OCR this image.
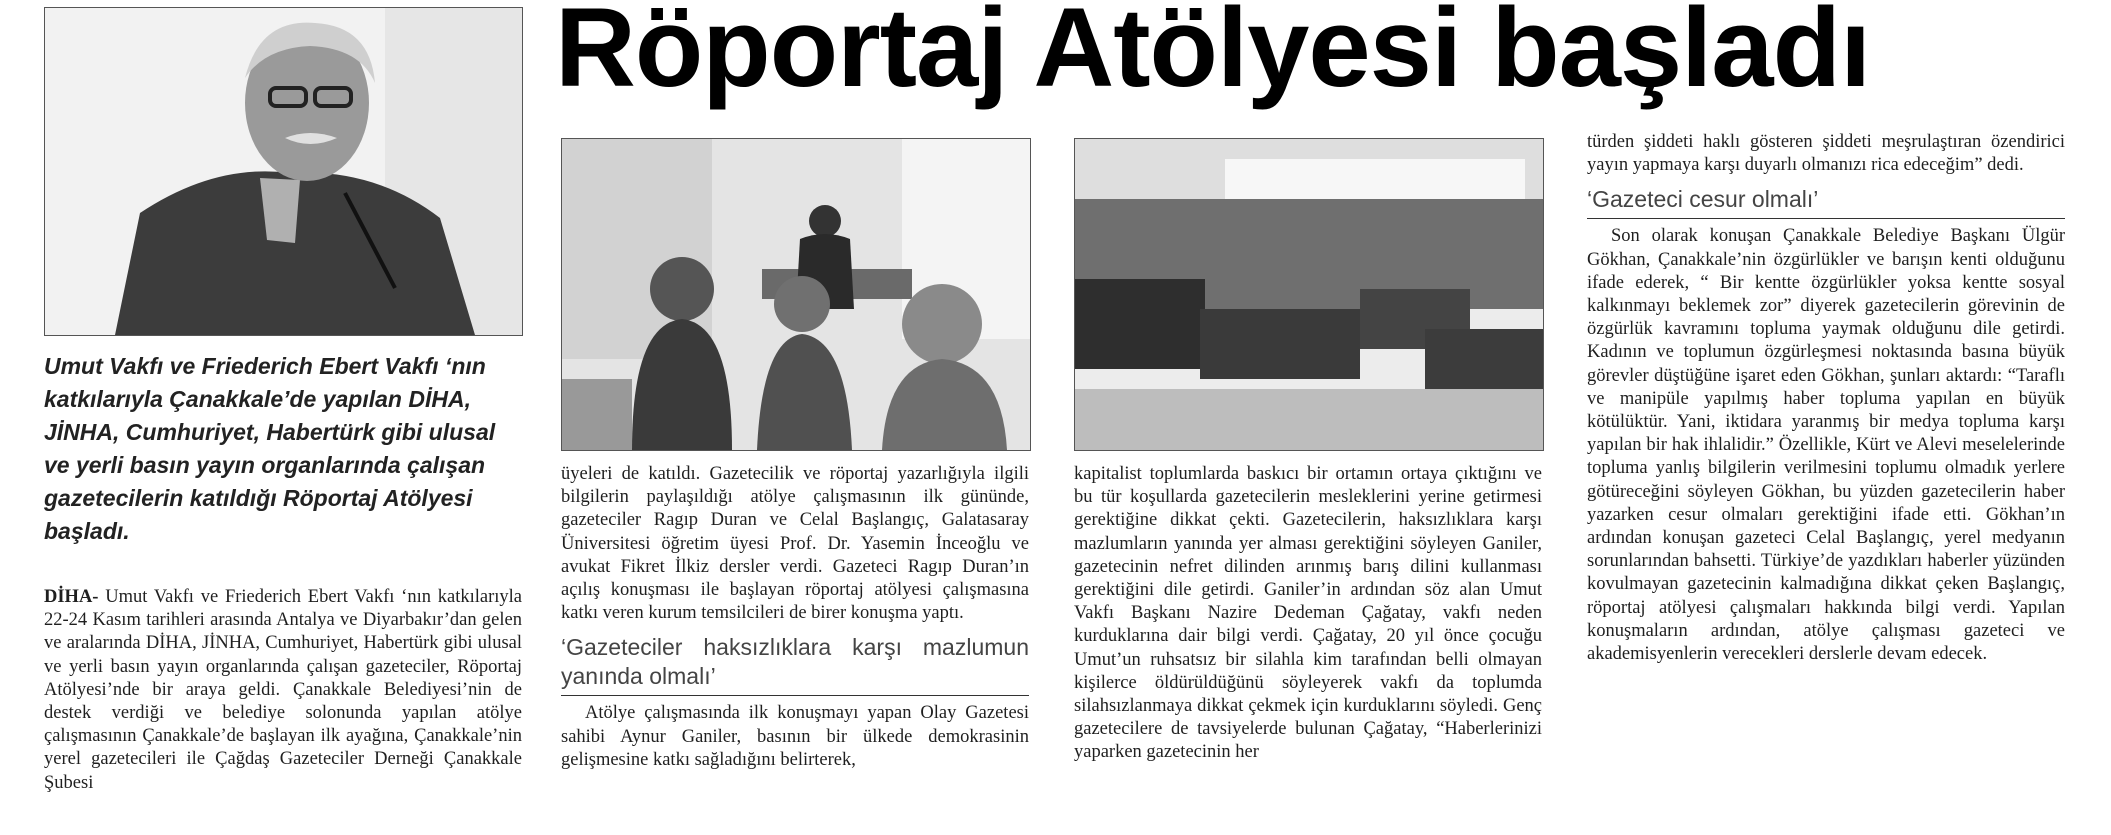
Röportaj Atölyesi başladı

Umut Vakfı ve Friederich Ebert Vakfı ‘nın katkılarıyla Çanakkale’de yapılan DİHA, JİNHA, Cumhuriyet, Habertürk gibi ulusal ve yerli basın yayın organlarında çalışan gazetecilerin katıldığı Röportaj Atölyesi başladı.

DİHA- Umut Vakfı ve Friederich Ebert Vakfı ‘nın katkılarıyla 22-24 Kasım tarihleri arasında Antalya ve Diyarbakır’dan gelen ve aralarında DİHA, JİNHA, Cumhuriyet, Habertürk gibi ulusal ve yerli basın yayın organlarında çalışan gazeteciler, Röportaj Atölyesi’nde bir araya geldi. Çanakkale Belediyesi’nin de destek verdiği ve belediye solonunda yapılan atölye çalışmasının Çanakkale’de başlayan ilk ayağına, Çanakkale’nin yerel gazetecileri ile Çağdaş Gazeteciler Derneği Çanakkale Şubesi

üyeleri de katıldı. Gazetecilik ve röportaj yazarlığıyla ilgili bilgilerin paylaşıldığı atölye çalışmasının ilk gününde, gazeteciler Ragıp Duran ve Celal Başlangıç, Galatasaray Üniversitesi öğretim üyesi Prof. Dr. Yasemin İnceoğlu ve avukat Fikret İlkiz dersler verdi. Gazeteci Ragıp Duran’ın açılış konuşması ile başlayan röportaj atölyesi çalışmasına katkı veren kurum temsilcileri de birer konuşma yaptı.

‘Gazeteciler haksızlıklara karşı mazlumun yanında olmalı’

Atölye çalışmasında ilk konuşmayı yapan Olay Gazetesi sahibi Aynur Ganiler, basının bir ülkede demokrasinin gelişmesine katkı sağladığını belirterek,

kapitalist toplumlarda baskıcı bir ortamın ortaya çıktığını ve bu tür koşullarda gazetecilerin mesleklerini yerine getirmesi gerektiğine dikkat çekti. Gazetecilerin, haksızlıklara karşı mazlumların yanında yer alması gerektiğini söyleyen Ganiler, gazetecinin nefret dilinden arınmış barış dilini kullanması gerektiğini dile getirdi. Ganiler’in ardından söz alan Umut Vakfı Başkanı Nazire Dedeman Çağatay, vakfı neden kurduklarına dair bilgi verdi. Çağatay, 20 yıl önce çocuğu Umut’un ruhsatsız bir silahla kim tarafından belli olmayan kişilerce öldürüldüğünü söyleyerek vakfı da toplumda silahsızlanmaya dikkat çekmek için kurduklarını söyledi. Genç gazetecilere de tavsiyelerde bulunan Çağatay, “Haberlerinizi yaparken gazetecinin her

türden şiddeti haklı gösteren şiddeti meşrulaştıran özendirici yayın yapmaya karşı duyarlı olmanızı rica edeceğim” dedi.

‘Gazeteci cesur olmalı’

Son olarak konuşan Çanakkale Belediye Başkanı Ülgür Gökhan, Çanakkale’nin özgürlükler ve barışın kenti olduğunu ifade ederek, “ Bir kentte özgürlükler yoksa kentte sosyal kalkınmayı beklemek zor” diyerek gazetecilerin görevinin de özgürlük kavramını topluma yaymak olduğunu dile getirdi. Kadının ve toplumun özgürleşmesi noktasında basına büyük görevler düştüğüne işaret eden Gökhan, şunları aktardı: “Taraflı ve manipüle yapılmış haber topluma yapılan en büyük kötülüktür. Yani, iktidara yaranmış bir medya topluma karşı yapılan bir hak ihlalidir.” Özellikle, Kürt ve Alevi meselelerinde topluma yanlış bilgilerin verilmesini toplumu olmadık yerlere götüreceğini söyleyen Gökhan, bu yüzden gazetecilerin haber yazarken cesur olmaları gerektiğini ifade etti. Gökhan’ın ardından konuşan gazeteci Celal Başlangıç, yerel medyanın sorunlarından bahsetti. Türkiye’de yazdıkları haberler yüzünden kovulmayan gazetecinin kalmadığına dikkat çeken Başlangıç, röportaj atölyesi çalışmaları hakkında bilgi verdi. Yapılan konuşmaların ardından, atölye çalışması gazeteci ve akademisyenlerin verecekleri derslerle devam edecek.
